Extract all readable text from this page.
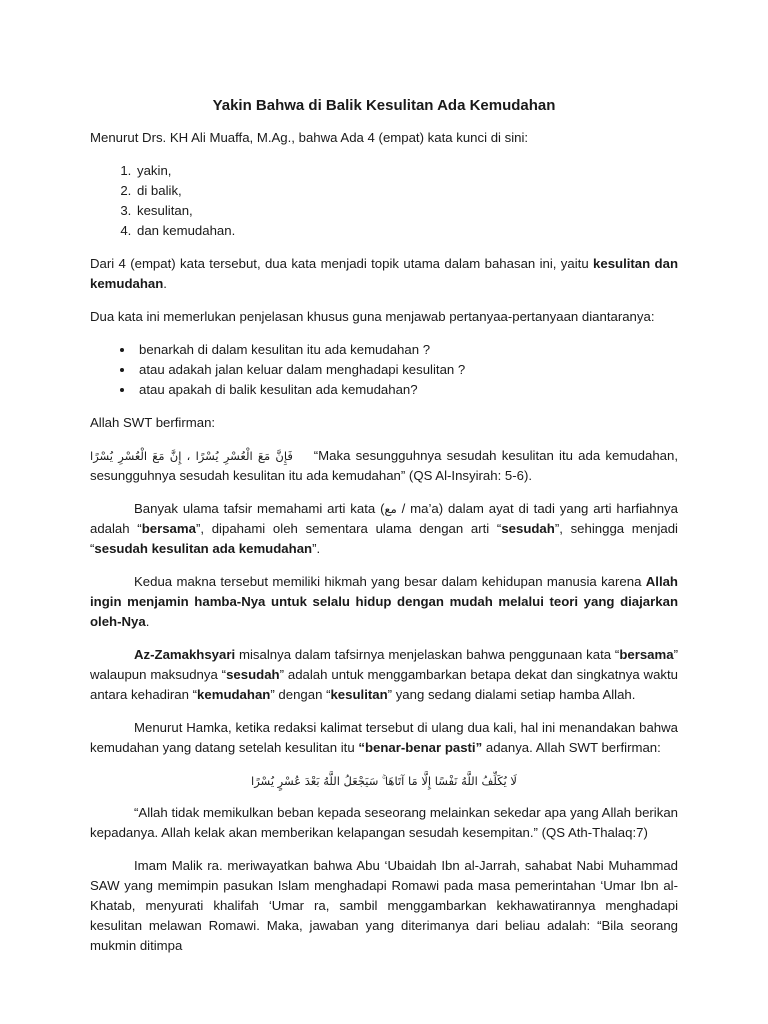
Yakin Bahwa di Balik Kesulitan Ada Kemudahan

Menurut Drs. KH Ali Muaffa, M.Ag., bahwa Ada 4 (empat) kata kunci di sini:

1. yakin,
2. di balik,
3. kesulitan,
4. dan kemudahan.

Dari 4 (empat) kata tersebut, dua kata menjadi topik utama dalam bahasan ini, yaitu kesulitan dan kemudahan.

Dua kata ini memerlukan penjelasan khusus guna menjawab pertanyaa-pertanyaan diantaranya:

• benarkah di dalam kesulitan itu ada kemudahan ?
• atau adakah jalan keluar dalam menghadapi kesulitan ?
• atau apakah di balik kesulitan ada kemudahan?

Allah SWT berfirman:

فَإِنَّ مَعَ الْعُسْرِ يُسْرًا ، إِنَّ مَعَ الْعُسْرِ يُسْرًا “Maka sesungguhnya sesudah kesulitan itu ada kemudahan, sesungguhnya sesudah kesulitan itu ada kemudahan” (QS Al-Insyirah: 5-6).

Banyak ulama tafsir memahami arti kata (مع / ma’a) dalam ayat di tadi yang arti harfiahnya adalah “bersama”, dipahami oleh sementara ulama dengan arti “sesudah”, sehingga menjadi “sesudah kesulitan ada kemudahan”.

Kedua makna tersebut memiliki hikmah yang besar dalam kehidupan manusia karena Allah ingin menjamin hamba-Nya untuk selalu hidup dengan mudah melalui teori yang diajarkan oleh-Nya.

Az-Zamakhsyari misalnya dalam tafsirnya menjelaskan bahwa penggunaan kata “bersama” walaupun maksudnya “sesudah” adalah untuk menggambarkan betapa dekat dan singkatnya waktu antara kehadiran “kemudahan” dengan “kesulitan” yang sedang dialami setiap hamba Allah.

Menurut Hamka, ketika redaksi kalimat tersebut di ulang dua kali, hal ini menandakan bahwa kemudahan yang datang setelah kesulitan itu “benar-benar pasti” adanya. Allah SWT berfirman:

لَا يُكَلِّفُ اللَّهُ نَفْسًا إِلَّا مَا آتَاهَا ۚ سَيَجْعَلُ اللَّهُ بَعْدَ عُسْرٍ يُسْرًا

“Allah tidak memikulkan beban kepada seseorang melainkan sekedar apa yang Allah berikan kepadanya. Allah kelak akan memberikan kelapangan sesudah kesempitan.” (QS Ath-Thalaq:7)

Imam Malik ra. meriwayatkan bahwa Abu ‘Ubaidah Ibn al-Jarrah, sahabat Nabi Muhammad SAW yang memimpin pasukan Islam menghadapi Romawi pada masa pemerintahan ‘Umar Ibn al-Khatab, menyurati khalifah ‘Umar ra, sambil menggambarkan kekhawatirannya menghadapi kesulitan melawan Romawi. Maka, jawaban yang diterimanya dari beliau adalah: “Bila seorang mukmin ditimpa
